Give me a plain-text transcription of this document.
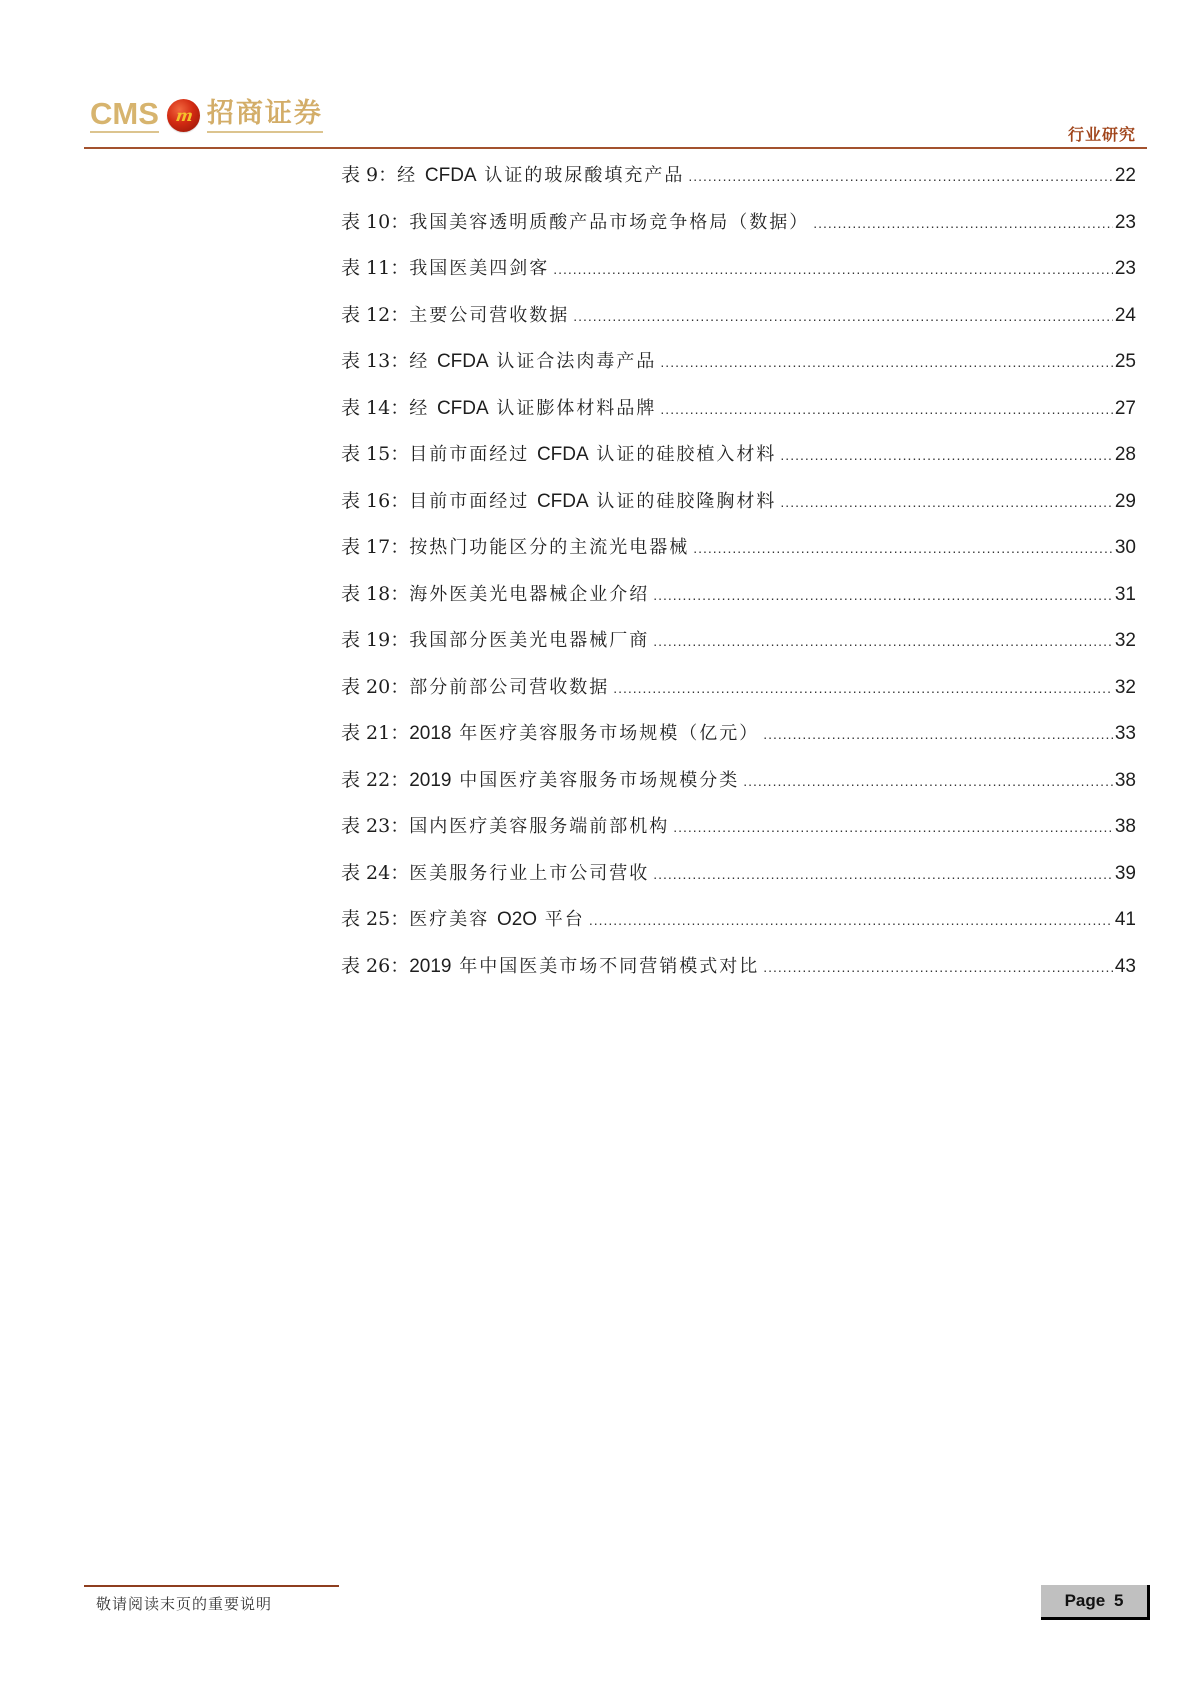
CMS m 招商证券
行业研究
表 9： 经 CFDA 认证的玻尿酸填充产品 .....	22
表 10： 我国美容透明质酸产品市场竞争格局（数据） .....	23
表 11： 我国医美四剑客 .....	23
表 12： 主要公司营收数据 .....	24
表 13： 经 CFDA 认证合法肉毒产品 .....	25
表 14： 经 CFDA 认证膨体材料品牌 .....	27
表 15： 目前市面经过 CFDA 认证的硅胶植入材料 .....	28
表 16： 目前市面经过 CFDA 认证的硅胶隆胸材料 .....	29
表 17： 按热门功能区分的主流光电器械 .....	30
表 18： 海外医美光电器械企业介绍 .....	31
表 19： 我国部分医美光电器械厂商 .....	32
表 20： 部分前部公司营收数据 .....	32
表 21： 2018 年医疗美容服务市场规模（亿元） .....	33
表 22： 2019 中国医疗美容服务市场规模分类 .....	38
表 23： 国内医疗美容服务端前部机构 .....	38
表 24： 医美服务行业上市公司营收 .....	39
表 25： 医疗美容 O2O 平台 .....	41
表 26： 2019 年中国医美市场不同营销模式对比 .....	43
敬请阅读末页的重要说明	Page 5
